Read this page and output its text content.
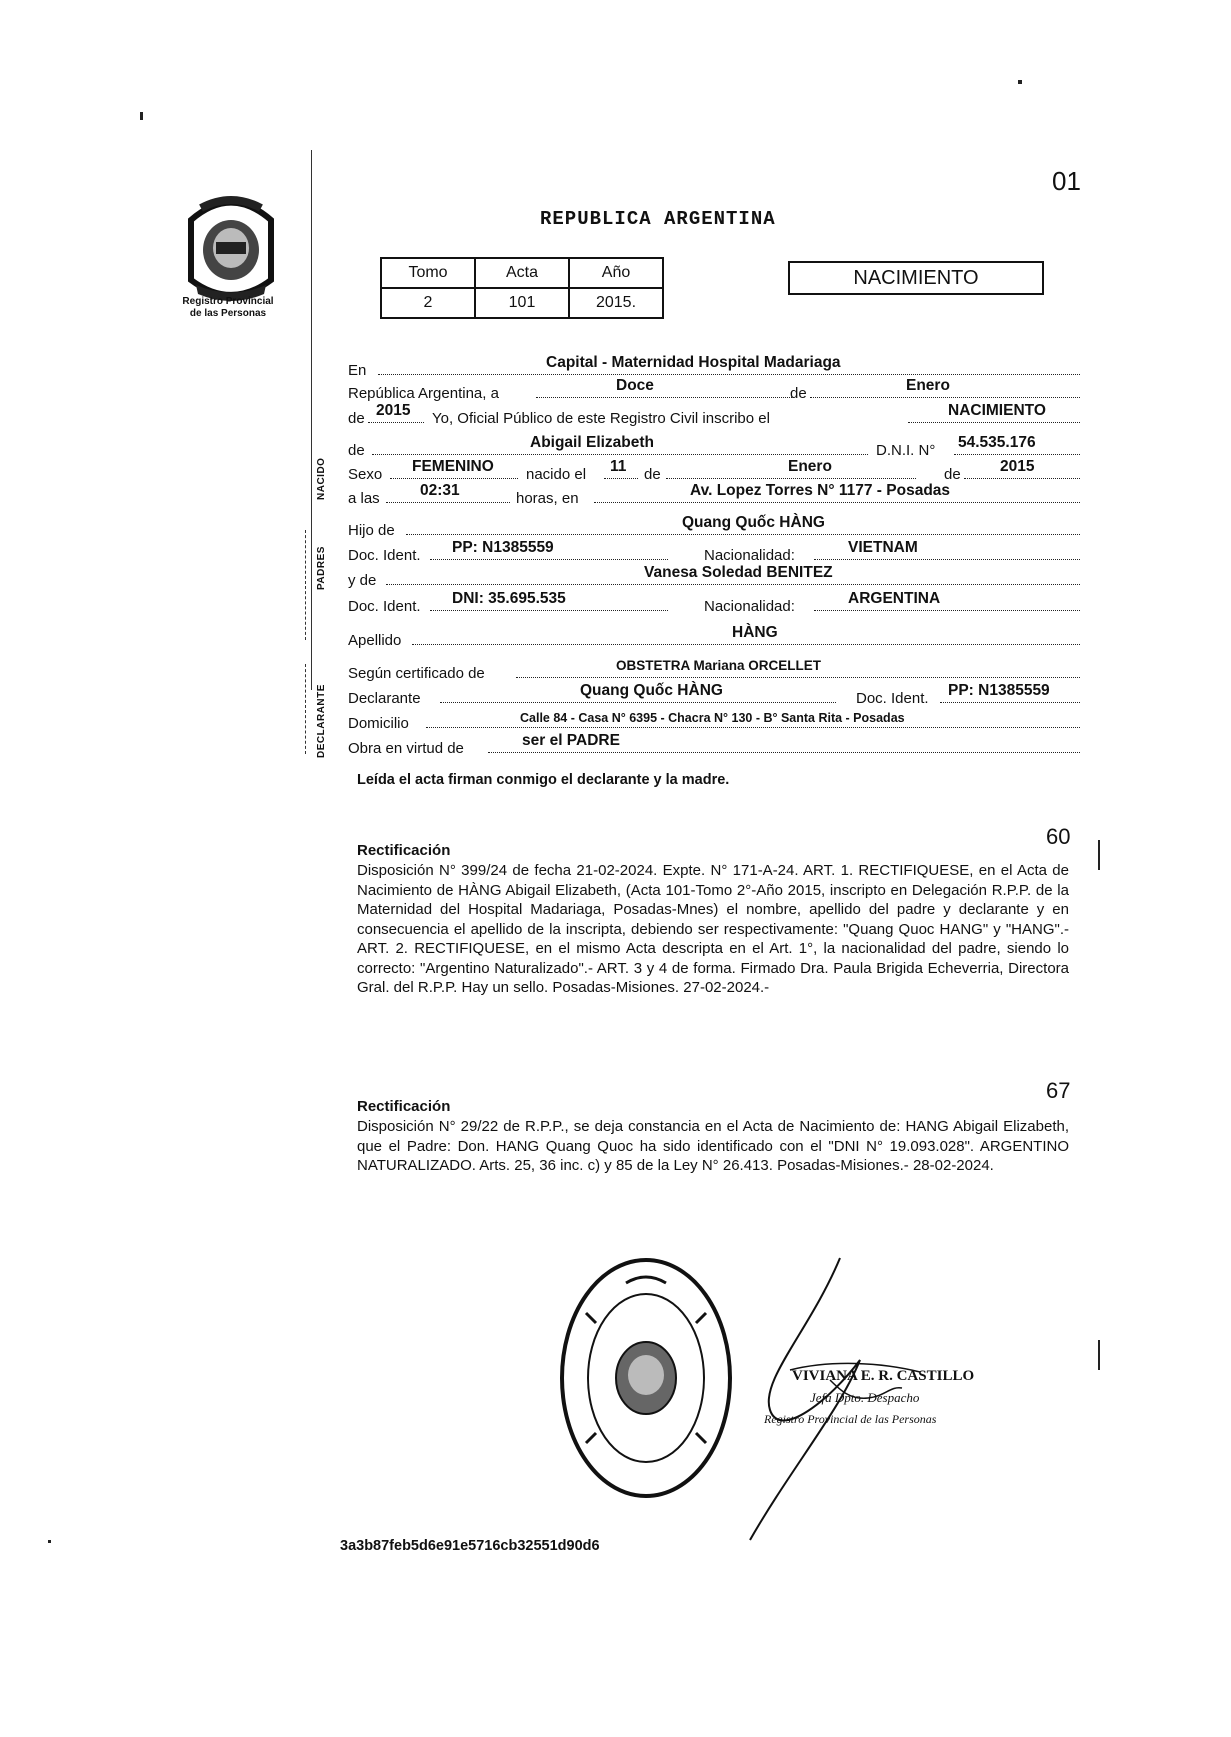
01
REPUBLICA ARGENTINA
Registro Provincial
de las Personas
Tomo	Acta	Año
2	101	2015.
NACIMIENTO
En	Capital - Maternidad Hospital Madariaga
República Argentina, a	Doce	de	Enero
de 2015 Yo, Oficial Público de este Registro Civil inscribo el	NACIMIENTO
de	Abigail Elizabeth	D.N.I. N° 54.535.176
Sexo FEMENINO nacido el 11 de	Enero	de	2015
a las	02:31	horas, en	Av. Lopez Torres N° 1177 - Posadas
Hijo de	Quang Quốc HÀNG
Doc. Ident. PP: N1385559	Nacionalidad:	VIETNAM
y de	Vanesa Soledad BENITEZ
Doc. Ident. DNI: 35.695.535	Nacionalidad:	ARGENTINA
Apellido	HÀNG
Según certificado de	OBSTETRA Mariana ORCELLET
Declarante	Quang Quốc HÀNG	Doc. Ident. PP: N1385559
Domicilio	Calle 84 - Casa N° 6395 - Chacra N° 130 - B° Santa Rita - Posadas
Obra en virtud de	ser el PADRE
NACIDO
PADRES
DECLARANTE
Leída el acta firman conmigo el declarante y la madre.
60
Rectificación
Disposición N° 399/24 de fecha 21-02-2024. Expte. N° 171-A-24. ART. 1. RECTIFIQUESE, en el Acta de Nacimiento de HÀNG Abigail Elizabeth, (Acta 101-Tomo 2°-Año 2015, inscripto en Delegación R.P.P. de la Maternidad del Hospital Madariaga, Posadas-Mnes) el nombre, apellido del padre y declarante y en consecuencia el apellido de la inscripta, debiendo ser respectivamente: "Quang Quoc HANG" y "HANG".- ART. 2. RECTIFIQUESE, en el mismo Acta descripta en el Art. 1°, la nacionalidad del padre, siendo lo correcto: "Argentino Naturalizado".- ART. 3 y 4 de forma. Firmado Dra. Paula Brigida Echeverria, Directora Gral. del R.P.P. Hay un sello. Posadas-Misiones. 27-02-2024.-
67
Rectificación
Disposición N° 29/22 de R.P.P., se deja constancia en el Acta de Nacimiento de: HANG Abigail Elizabeth, que el Padre: Don. HANG Quang Quoc ha sido identificado con el "DNI N° 19.093.028". ARGENTINO NATURALIZADO. Arts. 25, 36 inc. c) y 85 de la Ley N° 26.413. Posadas-Misiones.- 28-02-2024.
VIVIANA E. R. CASTILLO
Jefa Dpto. Despacho
Registro Provincial de las Personas
3a3b87feb5d6e91e5716cb32551d90d6
